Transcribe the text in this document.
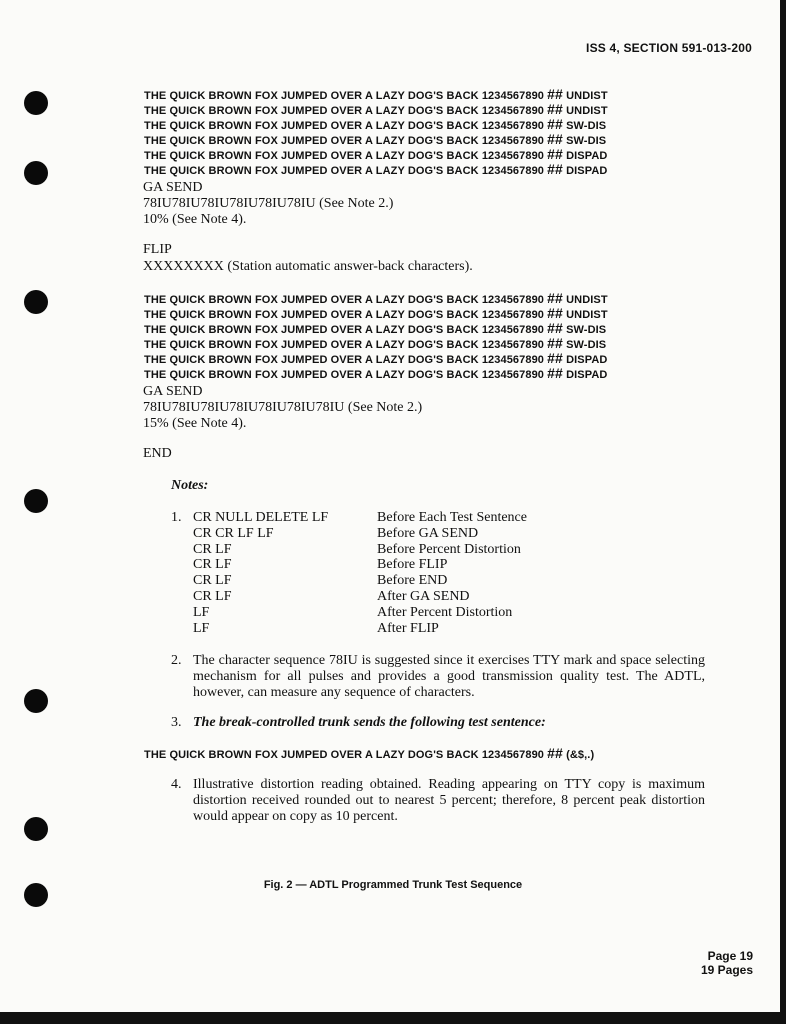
ISS 4, SECTION 591-013-200
THE QUICK BROWN FOX JUMPED OVER A LAZY DOG'S BACK 1234567890 ## UNDIST
THE QUICK BROWN FOX JUMPED OVER A LAZY DOG'S BACK 1234567890 ## UNDIST
THE QUICK BROWN FOX JUMPED OVER A LAZY DOG'S BACK 1234567890 ## SW-DIS
THE QUICK BROWN FOX JUMPED OVER A LAZY DOG'S BACK 1234567890 ## SW-DIS
THE QUICK BROWN FOX JUMPED OVER A LAZY DOG'S BACK 1234567890 ## DISPAD
THE QUICK BROWN FOX JUMPED OVER A LAZY DOG'S BACK 1234567890 ## DISPAD
GA SEND
78IU78IU78IU78IU78IU78IU (See Note 2.)
10% (See Note 4).
FLIP
XXXXXXXX (Station automatic answer-back characters).
THE QUICK BROWN FOX JUMPED OVER A LAZY DOG'S BACK 1234567890 ## UNDIST
THE QUICK BROWN FOX JUMPED OVER A LAZY DOG'S BACK 1234567890 ## UNDIST
THE QUICK BROWN FOX JUMPED OVER A LAZY DOG'S BACK 1234567890 ## SW-DIS
THE QUICK BROWN FOX JUMPED OVER A LAZY DOG'S BACK 1234567890 ## SW-DIS
THE QUICK BROWN FOX JUMPED OVER A LAZY DOG'S BACK 1234567890 ## DISPAD
THE QUICK BROWN FOX JUMPED OVER A LAZY DOG'S BACK 1234567890 ## DISPAD
GA SEND
78IU78IU78IU78IU78IU78IU78IU (See Note 2.)
15% (See Note 4).
END
Notes:
1. CR NULL DELETE LF
CR CR LF LF
CR LF
CR LF
CR LF
CR LF
LF
LF
Before Each Test Sentence
Before GA SEND
Before Percent Distortion
Before FLIP
Before END
After GA SEND
After Percent Distortion
After FLIP
2. The character sequence 78IU is suggested since it exercises TTY mark and space selecting mechanism for all pulses and provides a good transmission quality test. The ADTL, however, can measure any sequence of characters.
3. The break-controlled trunk sends the following test sentence:
THE QUICK BROWN FOX JUMPED OVER A LAZY DOG'S BACK 1234567890 ## (&$,.)
4. Illustrative distortion reading obtained. Reading appearing on TTY copy is maximum distortion received rounded out to nearest 5 percent; therefore, 8 percent peak distortion would appear on copy as 10 percent.
Fig. 2 — ADTL Programmed Trunk Test Sequence
Page 19
19 Pages
